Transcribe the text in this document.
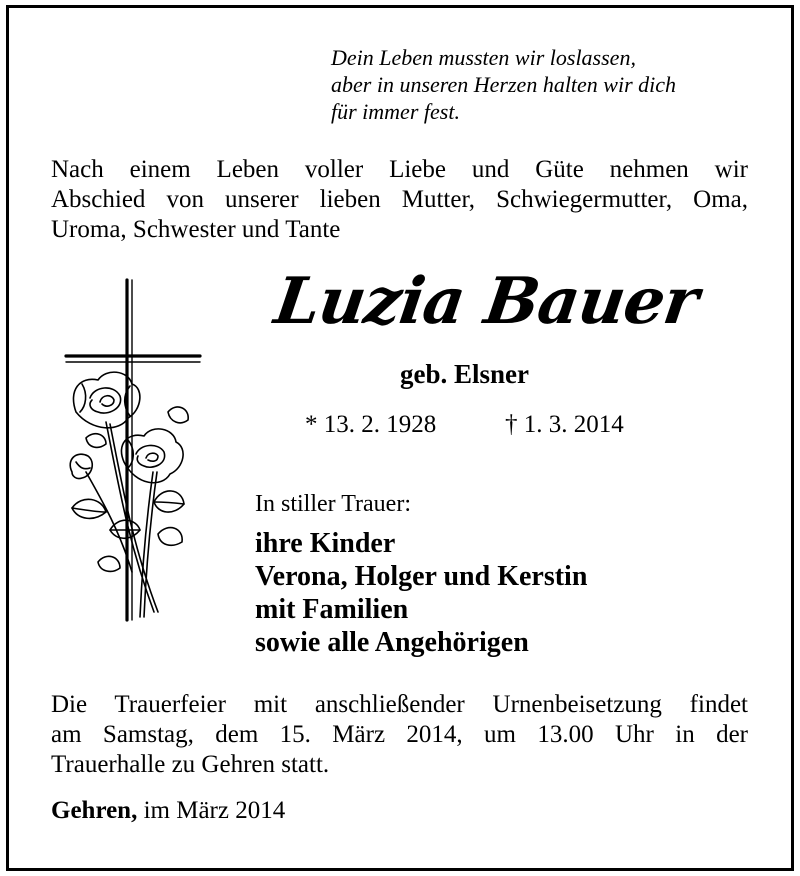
Dein Leben mussten wir loslassen,
aber in unseren Herzen halten wir dich
für immer fest.
Nach einem Leben voller Liebe und Güte nehmen wir
Abschied von unserer lieben Mutter, Schwiegermutter, Oma,
Uroma, Schwester und Tante
Luzia Bauer
geb. Elsner
* 13. 2. 1928	† 1. 3. 2014
In stiller Trauer:
ihre Kinder
Verona, Holger und Kerstin
mit Familien
sowie alle Angehörigen
Die Trauerfeier mit anschließender Urnenbeisetzung findet
am Samstag, dem 15. März 2014, um 13.00 Uhr in der
Trauerhalle zu Gehren statt.
Gehren, im März 2014
